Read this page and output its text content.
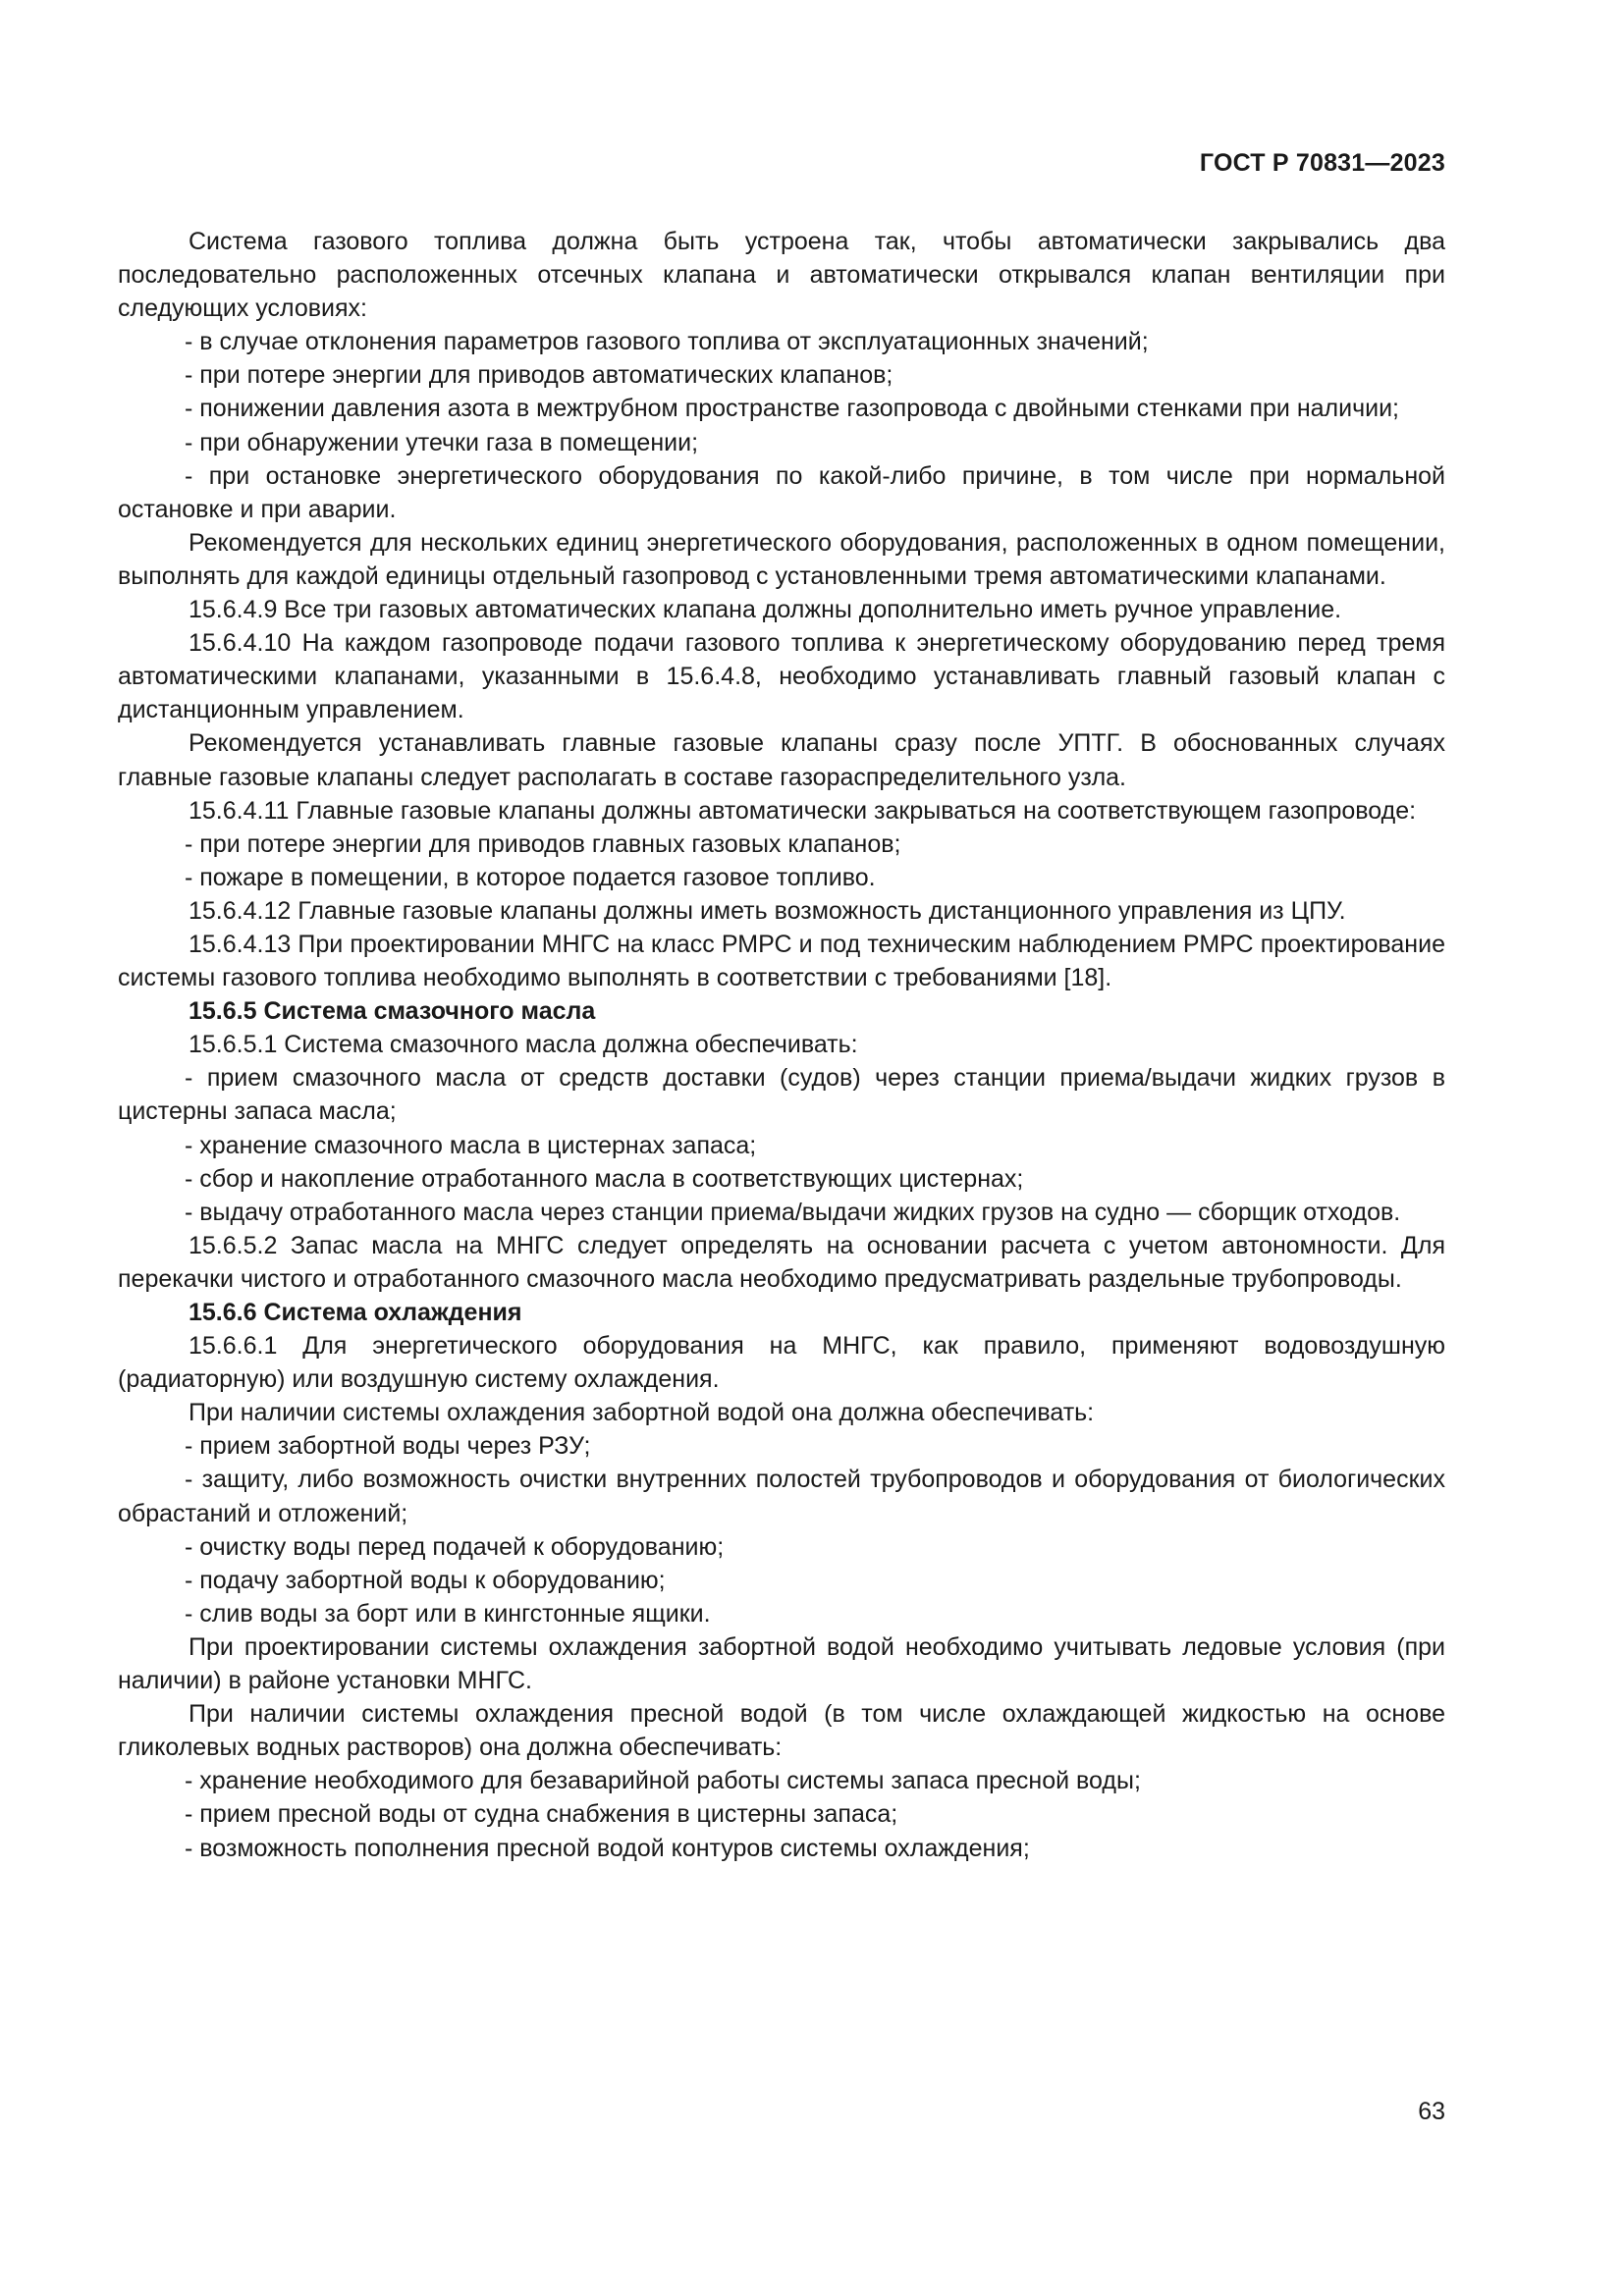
ГОСТ Р 70831—2023

Система газового топлива должна быть устроена так, чтобы автоматически закрывались два последовательно расположенных отсечных клапана и автоматически открывался клапан вентиляции при следующих условиях:

- в случае отклонения параметров газового топлива от эксплуатационных значений;

- при потере энергии для приводов автоматических клапанов;

- понижении давления азота в межтрубном пространстве газопровода с двойными стенками при наличии;

- при обнаружении утечки газа в помещении;

- при остановке энергетического оборудования по какой-либо причине, в том числе при нормальной остановке и при аварии.

Рекомендуется для нескольких единиц энергетического оборудования, расположенных в одном помещении, выполнять для каждой единицы отдельный газопровод с установленными тремя автоматическими клапанами.

15.6.4.9 Все три газовых автоматических клапана должны дополнительно иметь ручное управление.

15.6.4.10 На каждом газопроводе подачи газового топлива к энергетическому оборудованию перед тремя автоматическими клапанами, указанными в 15.6.4.8, необходимо устанавливать главный газовый клапан с дистанционным управлением.

Рекомендуется устанавливать главные газовые клапаны сразу после УПТГ. В обоснованных случаях главные газовые клапаны следует располагать в составе газораспределительного узла.

15.6.4.11 Главные газовые клапаны должны автоматически закрываться на соответствующем газопроводе:

- при потере энергии для приводов главных газовых клапанов;

- пожаре в помещении, в которое подается газовое топливо.

15.6.4.12 Главные газовые клапаны должны иметь возможность дистанционного управления из ЦПУ.

15.6.4.13 При проектировании МНГС на класс РМРС и под техническим наблюдением РМРС проектирование системы газового топлива необходимо выполнять в соответствии с требованиями [18].

15.6.5 Система смазочного масла

15.6.5.1 Система смазочного масла должна обеспечивать:

- прием смазочного масла от средств доставки (судов) через станции приема/выдачи жидких грузов в цистерны запаса масла;

- хранение смазочного масла в цистернах запаса;

- сбор и накопление отработанного масла в соответствующих цистернах;

- выдачу отработанного масла через станции приема/выдачи жидких грузов на судно — сборщик отходов.

15.6.5.2 Запас масла на МНГС следует определять на основании расчета с учетом автономности. Для перекачки чистого и отработанного смазочного масла необходимо предусматривать раздельные трубопроводы.

15.6.6 Система охлаждения

15.6.6.1 Для энергетического оборудования на МНГС, как правило, применяют водовоздушную (радиаторную) или воздушную систему охлаждения.

При наличии системы охлаждения забортной водой она должна обеспечивать:

- прием забортной воды через РЗУ;

- защиту, либо возможность очистки внутренних полостей трубопроводов и оборудования от биологических обрастаний и отложений;

- очистку воды перед подачей к оборудованию;

- подачу забортной воды к оборудованию;

- слив воды за борт или в кингстонные ящики.

При проектировании системы охлаждения забортной водой необходимо учитывать ледовые условия (при наличии) в районе установки МНГС.

При наличии системы охлаждения пресной водой (в том числе охлаждающей жидкостью на основе гликолевых водных растворов) она должна обеспечивать:

- хранение необходимого для безаварийной работы системы запаса пресной воды;

- прием пресной воды от судна снабжения в цистерны запаса;

- возможность пополнения пресной водой контуров системы охлаждения;

63
